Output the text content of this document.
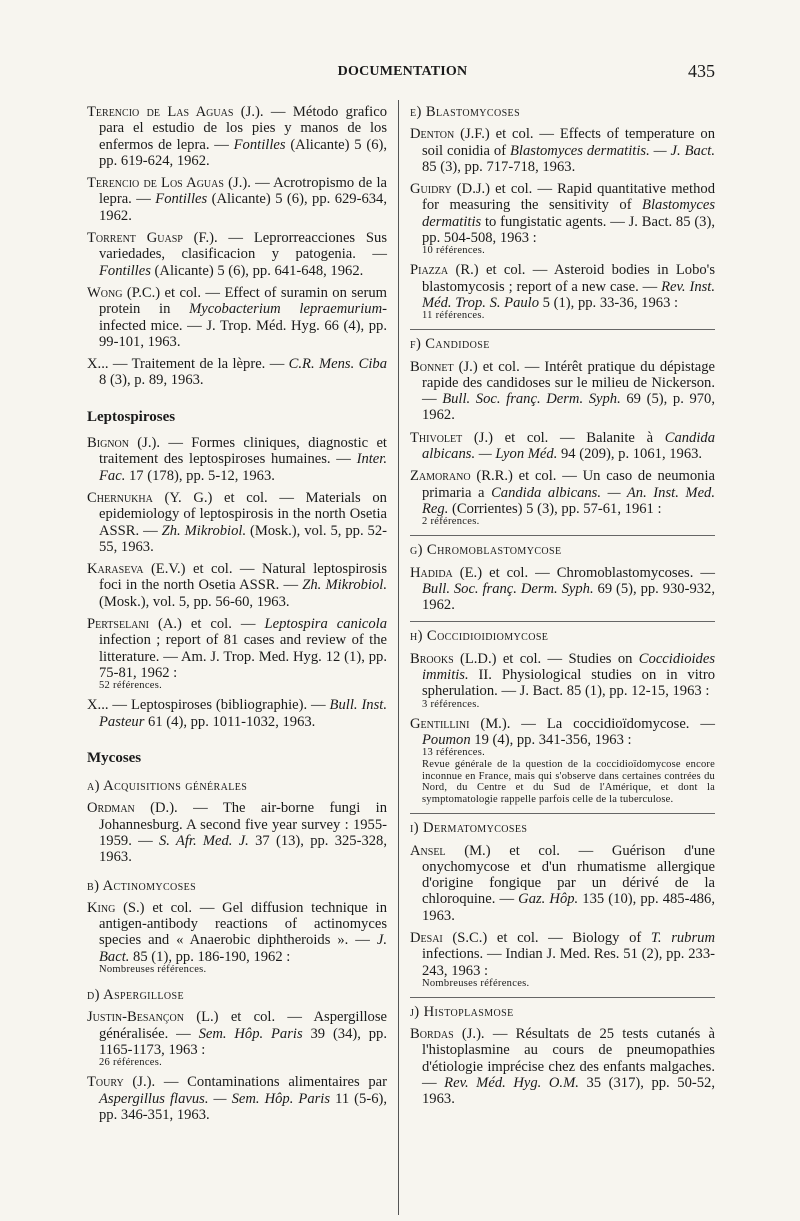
DOCUMENTATION	435
Terencio de Las Aguas (J.). — Método grafico para el estudio de los pies y manos de los enfermos de lepra. — Fontilles (Alicante) 5 (6), pp. 619-624, 1962.
Terencio de Los Aguas (J.). — Acrotropismo de la lepra. — Fontilles (Alicante) 5 (6), pp. 629-634, 1962.
Torrent Guasp (F.). — Leprorreacciones Sus variedades, clasificacion y patogenia. — Fontilles (Alicante) 5 (6), pp. 641-648, 1962.
Wong (P.C.) et col. — Effect of suramin on serum protein in Mycobacterium lepraemurium-infected mice. — J. Trop. Méd. Hyg. 66 (4), pp. 99-101, 1963.
X... — Traitement de la lèpre. — C.R. Mens. Ciba 8 (3), p. 89, 1963.
Leptospiroses
Bignon (J.). — Formes cliniques, diagnostic et traitement des leptospiroses humaines. — Inter. Fac. 17 (178), pp. 5-12, 1963.
Chernukha (Y. G.) et col. — Materials on epidemiology of leptospirosis in the north Osetia ASSR. — Zh. Mikrobiol. (Mosk.), vol. 5, pp. 52-55, 1963.
Karaseva (E.V.) et col. — Natural leptospirosis foci in the north Osetia ASSR. — Zh. Mikrobiol. (Mosk.), vol. 5, pp. 56-60, 1963.
Pertselani (A.) et col. — Leptospira canicola infection ; report of 81 cases and review of the litterature. — Am. J. Trop. Med. Hyg. 12 (1), pp. 75-81, 1962 :
52 références.
X... — Leptospiroses (bibliographie). — Bull. Inst. Pasteur 61 (4), pp. 1011-1032, 1963.
Mycoses
a) Acquisitions générales
Ordman (D.). — The air-borne fungi in Johannesburg. A second five year survey : 1955-1959. — S. Afr. Med. J. 37 (13), pp. 325-328, 1963.
b) Actinomycoses
King (S.) et col. — Gel diffusion technique in antigen-antibody reactions of actinomyces species and « Anaerobic diphtheroids ». — J. Bact. 85 (1), pp. 186-190, 1962 :
Nombreuses références.
d) Aspergillose
Justin-Besançon (L.) et col. — Aspergillose généralisée. — Sem. Hôp. Paris 39 (34), pp. 1165-1173, 1963 :
26 références.
Toury (J.). — Contaminations alimentaires par Aspergillus flavus. — Sem. Hôp. Paris 11 (5-6), pp. 346-351, 1963.
e) Blastomycoses
Denton (J.F.) et col. — Effects of temperature on soil conidia of Blastomyces dermatitis. — J. Bact. 85 (3), pp. 717-718, 1963.
Guidry (D.J.) et col. — Rapid quantitative method for measuring the sensitivity of Blastomyces dermatitis to fungistatic agents. — J. Bact. 85 (3), pp. 504-508, 1963 :
10 références.
Piazza (R.) et col. — Asteroid bodies in Lobo's blastomycosis ; report of a new case. — Rev. Inst. Méd. Trop. S. Paulo 5 (1), pp. 33-36, 1963 :
11 références.
f) Candidose
Bonnet (J.) et col. — Intérêt pratique du dépistage rapide des candidoses sur le milieu de Nickerson. — Bull. Soc. franç. Derm. Syph. 69 (5), p. 970, 1962.
Thivolet (J.) et col. — Balanite à Candida albicans. — Lyon Méd. 94 (209), p. 1061, 1963.
Zamorano (R.R.) et col. — Un caso de neumonia primaria a Candida albicans. — An. Inst. Med. Reg. (Corrientes) 5 (3), pp. 57-61, 1961 :
2 références.
g) Chromoblastomycose
Hadida (E.) et col. — Chromoblastomycoses. — Bull. Soc. franç. Derm. Syph. 69 (5), pp. 930-932, 1962.
h) Coccidioidiomycose
Brooks (L.D.) et col. — Studies on Coccidioides immitis. II. Physiological studies on in vitro spherulation. — J. Bact. 85 (1), pp. 12-15, 1963 :
3 références.
Gentillini (M.). — La coccidioïdomycose. — Poumon 19 (4), pp. 341-356, 1963 :
13 références.
Revue générale de la question de la coccidioïdomycose encore inconnue en France, mais qui s'observe dans certaines contrées du Nord, du Centre et du Sud de l'Amérique, et dont la symptomatologie rappelle parfois celle de la tuberculose.
i) Dermatomycoses
Ansel (M.) et col. — Guérison d'une onychomycose et d'un rhumatisme allergique d'origine fongique par un dérivé de la chloroquine. — Gaz. Hôp. 135 (10), pp. 485-486, 1963.
Desai (S.C.) et col. — Biology of T. rubrum infections. — Indian J. Med. Res. 51 (2), pp. 233-243, 1963 :
Nombreuses références.
j) Histoplasmose
Bordas (J.). — Résultats de 25 tests cutanés à l'histoplasmine au cours de pneumopathies d'étiologie imprécise chez des enfants malgaches. — Rev. Méd. Hyg. O.M. 35 (317), pp. 50-52, 1963.
